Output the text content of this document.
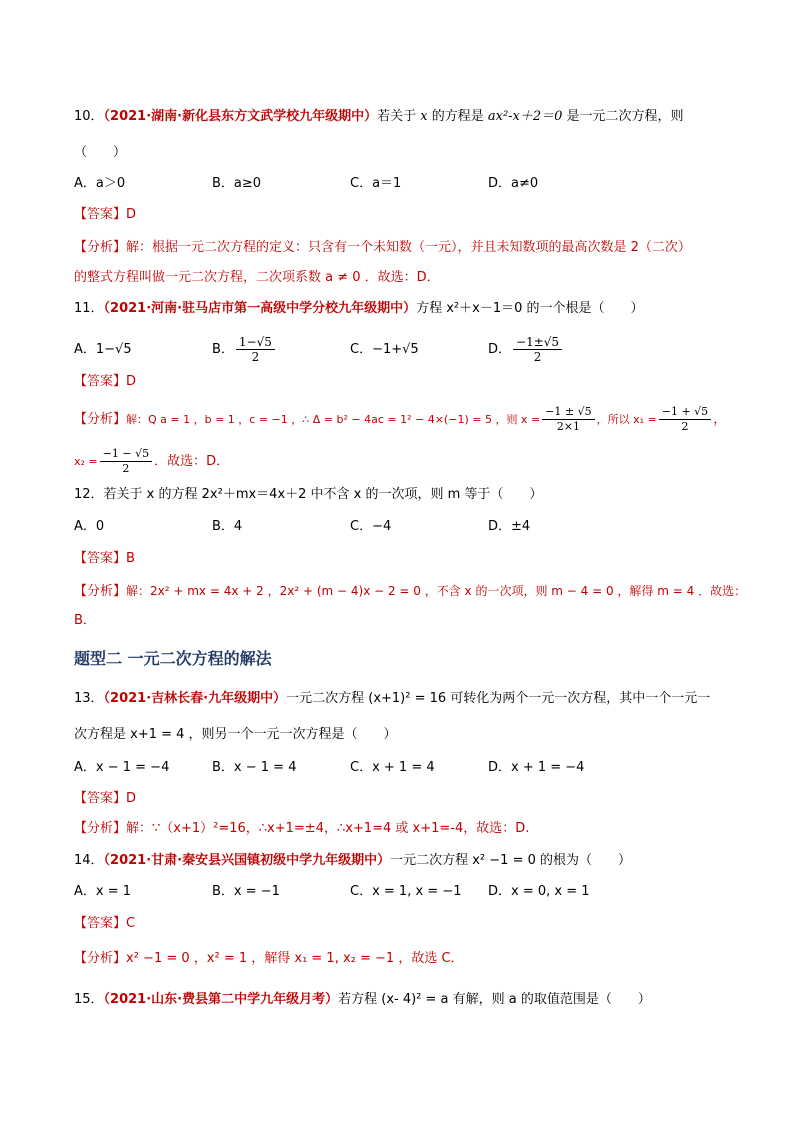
10．（2021·湖南·新化县东方文武学校九年级期中）若关于 x 的方程是 ax²-x＋2＝0 是一元二次方程，则
（　　）
A．a＞0	B．a≥0	C．a＝1	D．a≠0
【答案】D
【分析】解：根据一元二次方程的定义：只含有一个未知数（一元），并且未知数项的最高次数是 2（二次）
的整式方程叫做一元二次方程，二次项系数 a ≠ 0 ．故选：D．
11．（2021·河南·驻马店市第一高级中学分校九年级期中）方程 x²＋x－1＝0 的一个根是（　　）
A．1−√5	B． $\frac{1-√5}{2}$	C．−1+√5	D． $\frac{-1\pm√5}{2}$
【答案】D
【分析】解：Q a = 1 ，b = 1 ，c = −1 ，∴ Δ = b² − 4ac = 1² − 4×(−1) = 5 ，则 $x = \frac{-1 \pm √5}{2\times 1}$ ，所以 $x_1 = \frac{-1 + √5}{2}$ ，
$x_2 = \frac{-1 - √5}{2}$ ．故选：D．
12．若关于 x 的方程 2x²＋mx＝4x＋2 中不含 x 的一次项，则 m 等于（　　）
A．0	B．4	C．−4	D．±4
【答案】B
【分析】解：2x² + mx = 4x + 2 ，2x² + (m − 4)x − 2 = 0 ，不含 x 的一次项，则 m − 4 = 0 ，解得 m = 4 ．故选：
B．
题型二 一元二次方程的解法
13．（2021·吉林长春·九年级期中）一元二次方程 (x+1)² = 16 可转化为两个一元一次方程，其中一个一元一
次方程是 x+1 = 4 ，则另一个一元一次方程是（　　）
A．x − 1 = −4	B．x − 1 = 4	C．x + 1 = 4	D．x + 1 = −4
【答案】D
【分析】解：∵（x+1）²=16，∴x+1=±4，∴x+1=4 或 x+1=-4，故选：D.
14．（2021·甘肃·秦安县兴国镇初级中学九年级期中）一元二次方程 x² −1 = 0 的根为（　　）
A．x = 1	B．x = −1	C．x = 1, x = −1 D．x = 0, x = 1
【答案】C
【分析】x² −1 = 0 ，x² = 1 ，解得 x₁ = 1, x₂ = −1 ，故选 C．
15．（2021·山东·费县第二中学九年级月考）若方程 (x- 4)² = a 有解，则 a 的取值范围是（　　）
